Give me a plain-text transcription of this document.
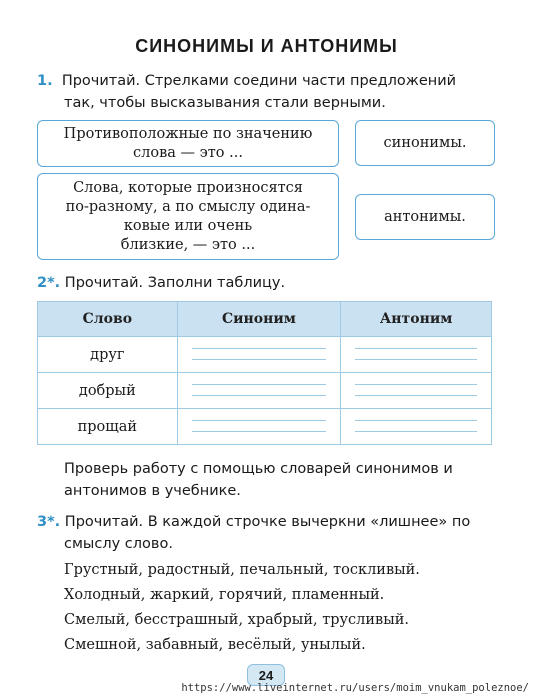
СИНОНИМЫ И АНТОНИМЫ
1. Прочитай. Стрелками соедини части предложений
так, чтобы высказывания стали верными.
Противоположные по значению
слова — это ...
Слова, которые произносятся
по-разному, а по смыслу одина-
ковые или очень
близкие, — это ...
синонимы.
антонимы.
2*. Прочитай. Заполни таблицу.
Слово	Синоним	Антоним
друг	

добрый	

прощай	

Проверь работу с помощью словарей синонимов и
антонимов в учебнике.
3*. Прочитай. В каждой строчке вычеркни «лишнее» по
смыслу слово.
Грустный, радостный, печальный, тоскливый.
Холодный, жаркий, горячий, пламенный.
Смелый, бесстрашный, храбрый, трусливый.
Смешной, забавный, весёлый, унылый.
24
https://www.liveinternet.ru/users/moim_vnukam_poleznoe/
